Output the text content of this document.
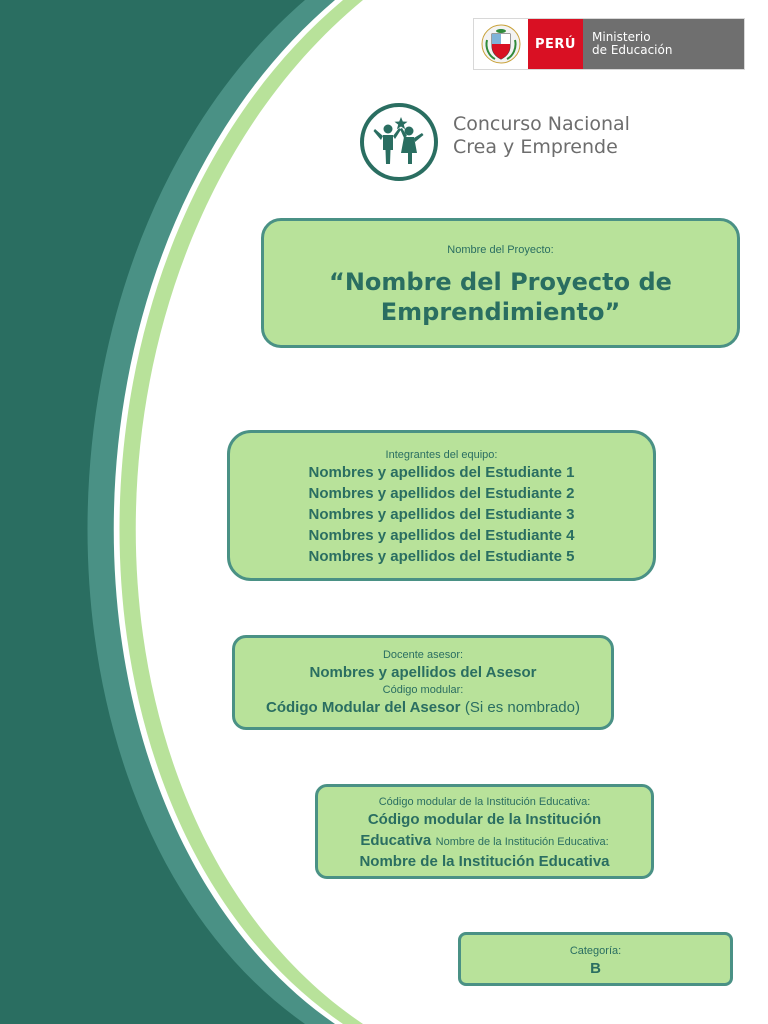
PERÚ	Ministerio
de Educación
Concurso Nacional
Crea y Emprende
Nombre del Proyecto:
“Nombre del Proyecto de Emprendimiento”
Integrantes del equipo:
Nombres y apellidos del Estudiante 1
Nombres y apellidos del Estudiante 2
Nombres y apellidos del Estudiante 3
Nombres y apellidos del Estudiante 4
Nombres y apellidos del Estudiante 5
Docente asesor:
Nombres y apellidos del Asesor
Código modular:
Código Modular del Asesor (Si es nombrado)
Código modular de la Institución Educativa:
Código modular de la Institución Educativa Nombre de la Institución Educativa:
Nombre de la Institución Educativa
Categoría:
B
